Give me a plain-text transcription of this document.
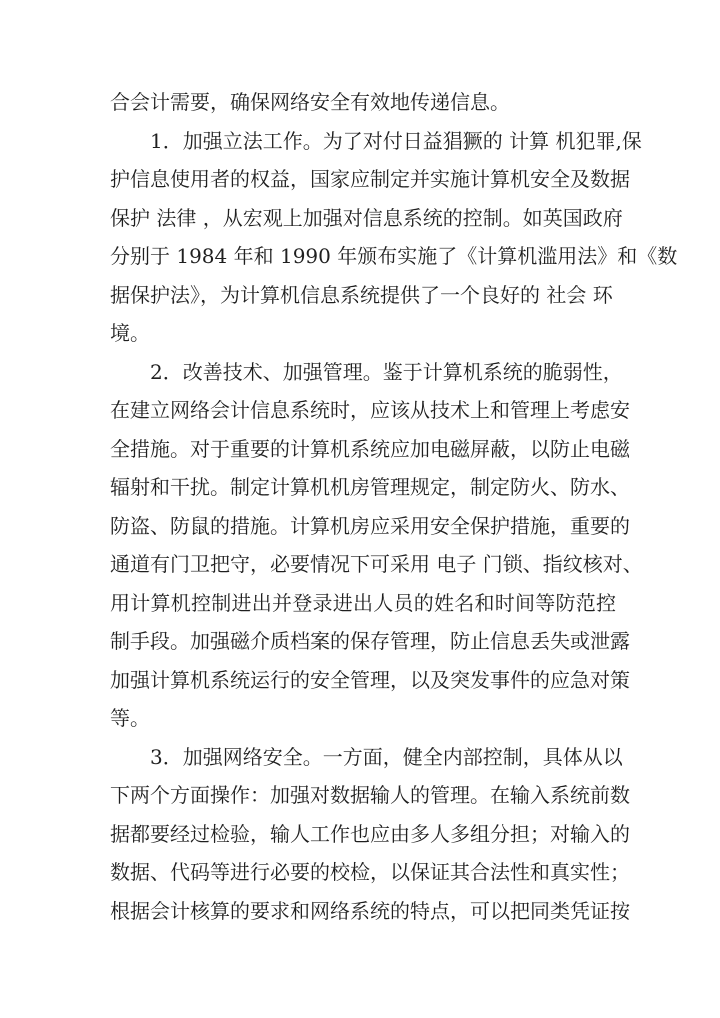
合会计需要，确保网络安全有效地传递信息。
1．加强立法工作。为了对付日益猖獗的 计算 机犯罪,保
护信息使用者的权益，国家应制定并实施计算机安全及数据
保护 法律 ，从宏观上加强对信息系统的控制。如英国政府
分别于 1984 年和 1990 年颁布实施了《计算机滥用法》和《数
据保护法》，为计算机信息系统提供了一个良好的 社会 环
境。
2．改善技术、加强管理。鉴于计算机系统的脆弱性，
在建立网络会计信息系统时，应该从技术上和管理上考虑安
全措施。对于重要的计算机系统应加电磁屏蔽，以防止电磁
辐射和干扰。制定计算机机房管理规定，制定防火、防水、
防盗、防鼠的措施。计算机房应采用安全保护措施，重要的
通道有门卫把守，必要情况下可采用 电子 门锁、指纹核对、
用计算机控制进出并登录进出人员的姓名和时间等防范控
制手段。加强磁介质档案的保存管理，防止信息丢失或泄露
加强计算机系统运行的安全管理，以及突发事件的应急对策
等。
3．加强网络安全。一方面，健全内部控制，具体从以
下两个方面操作：加强对数据输人的管理。在输入系统前数
据都要经过检验，输人工作也应由多人多组分担；对输入的
数据、代码等进行必要的校检，以保证其合法性和真实性；
根据会计核算的要求和网络系统的特点，可以把同类凭证按
